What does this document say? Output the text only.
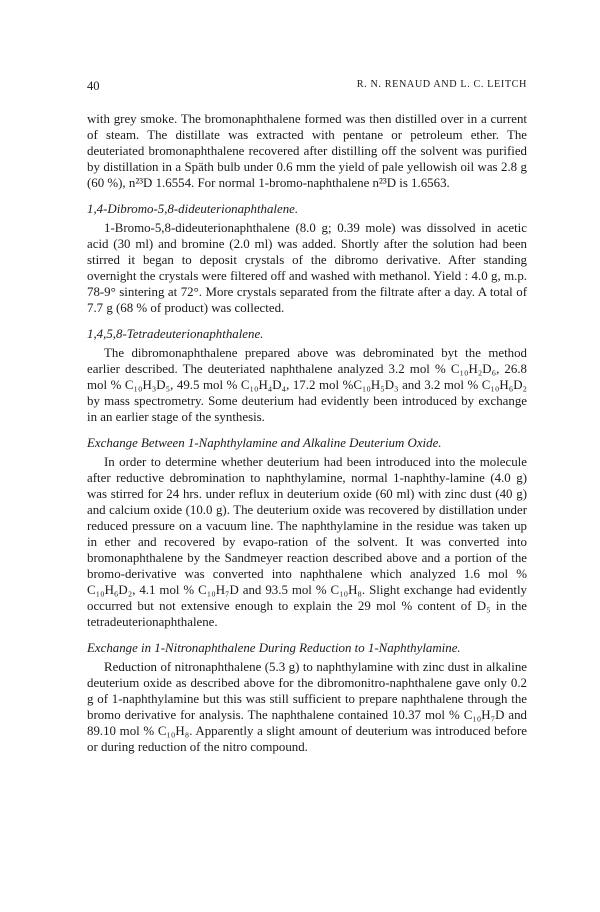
40	R. N. RENAUD AND L. C. LEITCH

with grey smoke. The bromonaphthalene formed was then distilled over in a current of steam. The distillate was extracted with pentane or petroleum ether. The deuteriated bromonaphthalene recovered after distilling off the solvent was purified by distillation in a Späth bulb under 0.6 mm the yield of pale yellowish oil was 2.8 g (60 %), n²³D 1.6554. For normal 1-bromo-naphthalene n²³D is 1.6563.

1,4-Dibromo-5,8-dideuterionaphthalene.

1-Bromo-5,8-dideuterionaphthalene (8.0 g; 0.39 mole) was dissolved in acetic acid (30 ml) and bromine (2.0 ml) was added. Shortly after the solution had been stirred it began to deposit crystals of the dibromo derivative. After standing overnight the crystals were filtered off and washed with methanol. Yield : 4.0 g, m.p. 78-9° sintering at 72°. More crystals separated from the filtrate after a day. A total of 7.7 g (68 % of product) was collected.

1,4,5,8-Tetradeuterionaphthalene.

The dibromonaphthalene prepared above was debrominated byt the method earlier described. The deuteriated naphthalene analyzed 3.2 mol % C₁₀H₂D₆, 26.8 mol % C₁₀H₃D₅, 49.5 mol % C₁₀H₄D₄, 17.2 mol %C₁₀H₅D₃ and 3.2 mol % C₁₀H₆D₂ by mass spectrometry. Some deuterium had evidently been introduced by exchange in an earlier stage of the synthesis.

Exchange Between 1-Naphthylamine and Alkaline Deuterium Oxide.

In order to determine whether deuterium had been introduced into the molecule after reductive debromination to naphthylamine, normal 1-naphthy-lamine (4.0 g) was stirred for 24 hrs. under reflux in deuterium oxide (60 ml) with zinc dust (40 g) and calcium oxide (10.0 g). The deuterium oxide was recovered by distillation under reduced pressure on a vacuum line. The naphthylamine in the residue was taken up in ether and recovered by evapo-ration of the solvent. It was converted into bromonaphthalene by the Sandmeyer reaction described above and a portion of the bromo-derivative was converted into naphthalene which analyzed 1.6 mol % C₁₀H₆D₂, 4.1 mol % C₁₀H₇D and 93.5 mol % C₁₀H₈. Slight exchange had evidently occurred but not extensive enough to explain the 29 mol % content of D₅ in the tetradeuterionaphthalene.

Exchange in 1-Nitronaphthalene During Reduction to 1-Naphthylamine.

Reduction of nitronaphthalene (5.3 g) to naphthylamine with zinc dust in alkaline deuterium oxide as described above for the dibromonitro-naphthalene gave only 0.2 g of 1-naphthylamine but this was still sufficient to prepare naphthalene through the bromo derivative for analysis. The naphthalene contained 10.37 mol % C₁₀H₇D and 89.10 mol % C₁₀H₈. Apparently a slight amount of deuterium was introduced before or during reduction of the nitro compound.
